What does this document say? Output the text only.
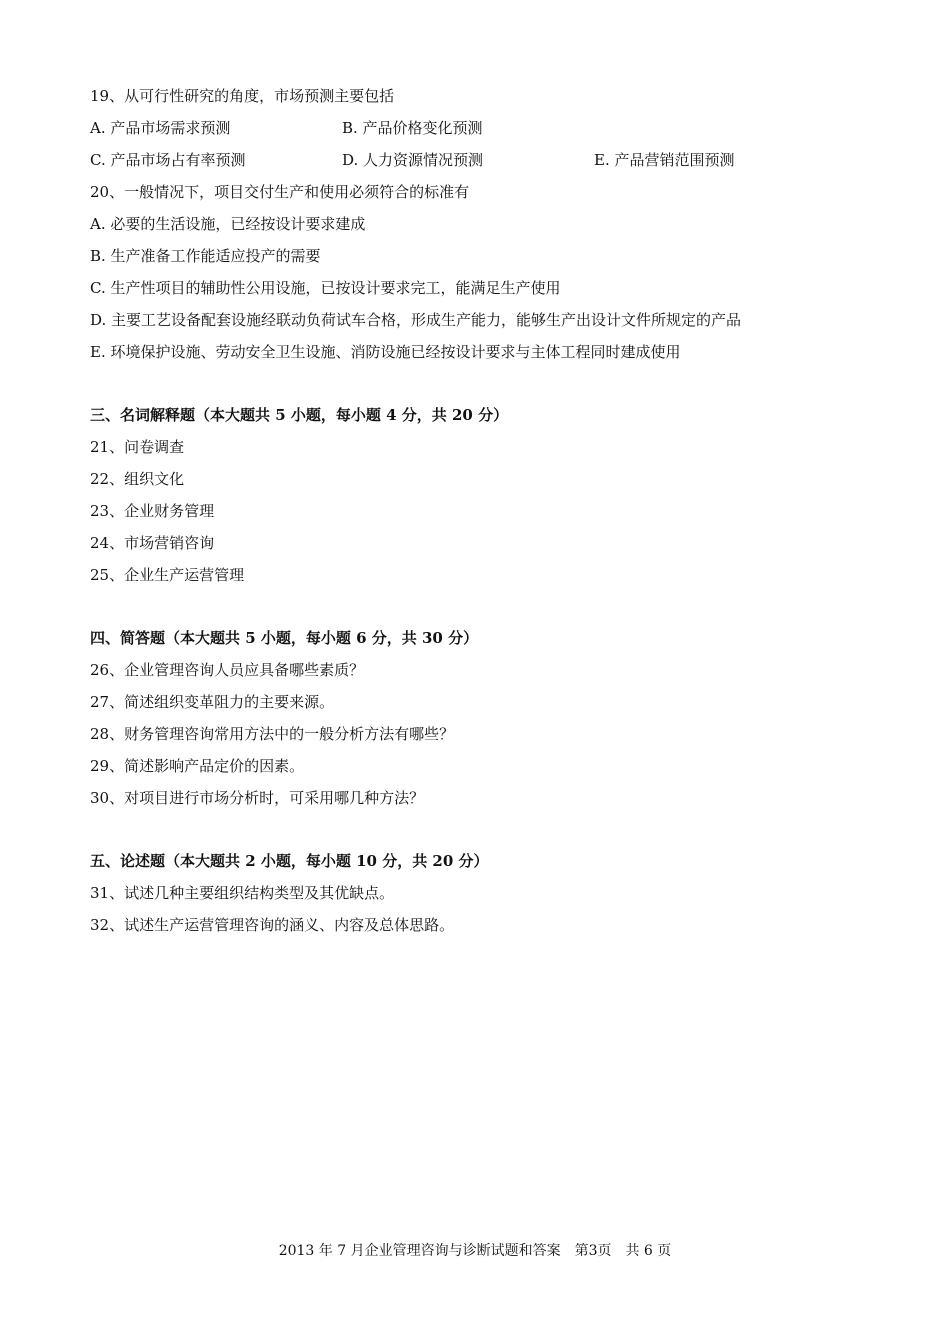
19、从可行性研究的角度，市场预测主要包括
A. 产品市场需求预测	B. 产品价格变化预测
C. 产品市场占有率预测	D. 人力资源情况预测	E. 产品营销范围预测
20、一般情况下，项目交付生产和使用必须符合的标准有
A. 必要的生活设施，已经按设计要求建成
B. 生产准备工作能适应投产的需要
C. 生产性项目的辅助性公用设施，已按设计要求完工，能满足生产使用
D. 主要工艺设备配套设施经联动负荷试车合格，形成生产能力，能够生产出设计文件所规定的产品
E. 环境保护设施、劳动安全卫生设施、消防设施已经按设计要求与主体工程同时建成使用
三、名词解释题（本大题共 5 小题，每小题 4 分，共 20 分）
21、问卷调查
22、组织文化
23、企业财务管理
24、市场营销咨询
25、企业生产运营管理
四、简答题（本大题共 5 小题，每小题 6 分，共 30 分）
26、企业管理咨询人员应具备哪些素质？
27、简述组织变革阻力的主要来源。
28、财务管理咨询常用方法中的一般分析方法有哪些？
29、简述影响产品定价的因素。
30、对项目进行市场分析时，可采用哪几种方法？
五、论述题（本大题共 2 小题，每小题 10 分，共 20 分）
31、试述几种主要组织结构类型及其优缺点。
32、试述生产运营管理咨询的涵义、内容及总体思路。
2013 年 7 月企业管理咨询与诊断试题和答案　第3页　共 6 页
